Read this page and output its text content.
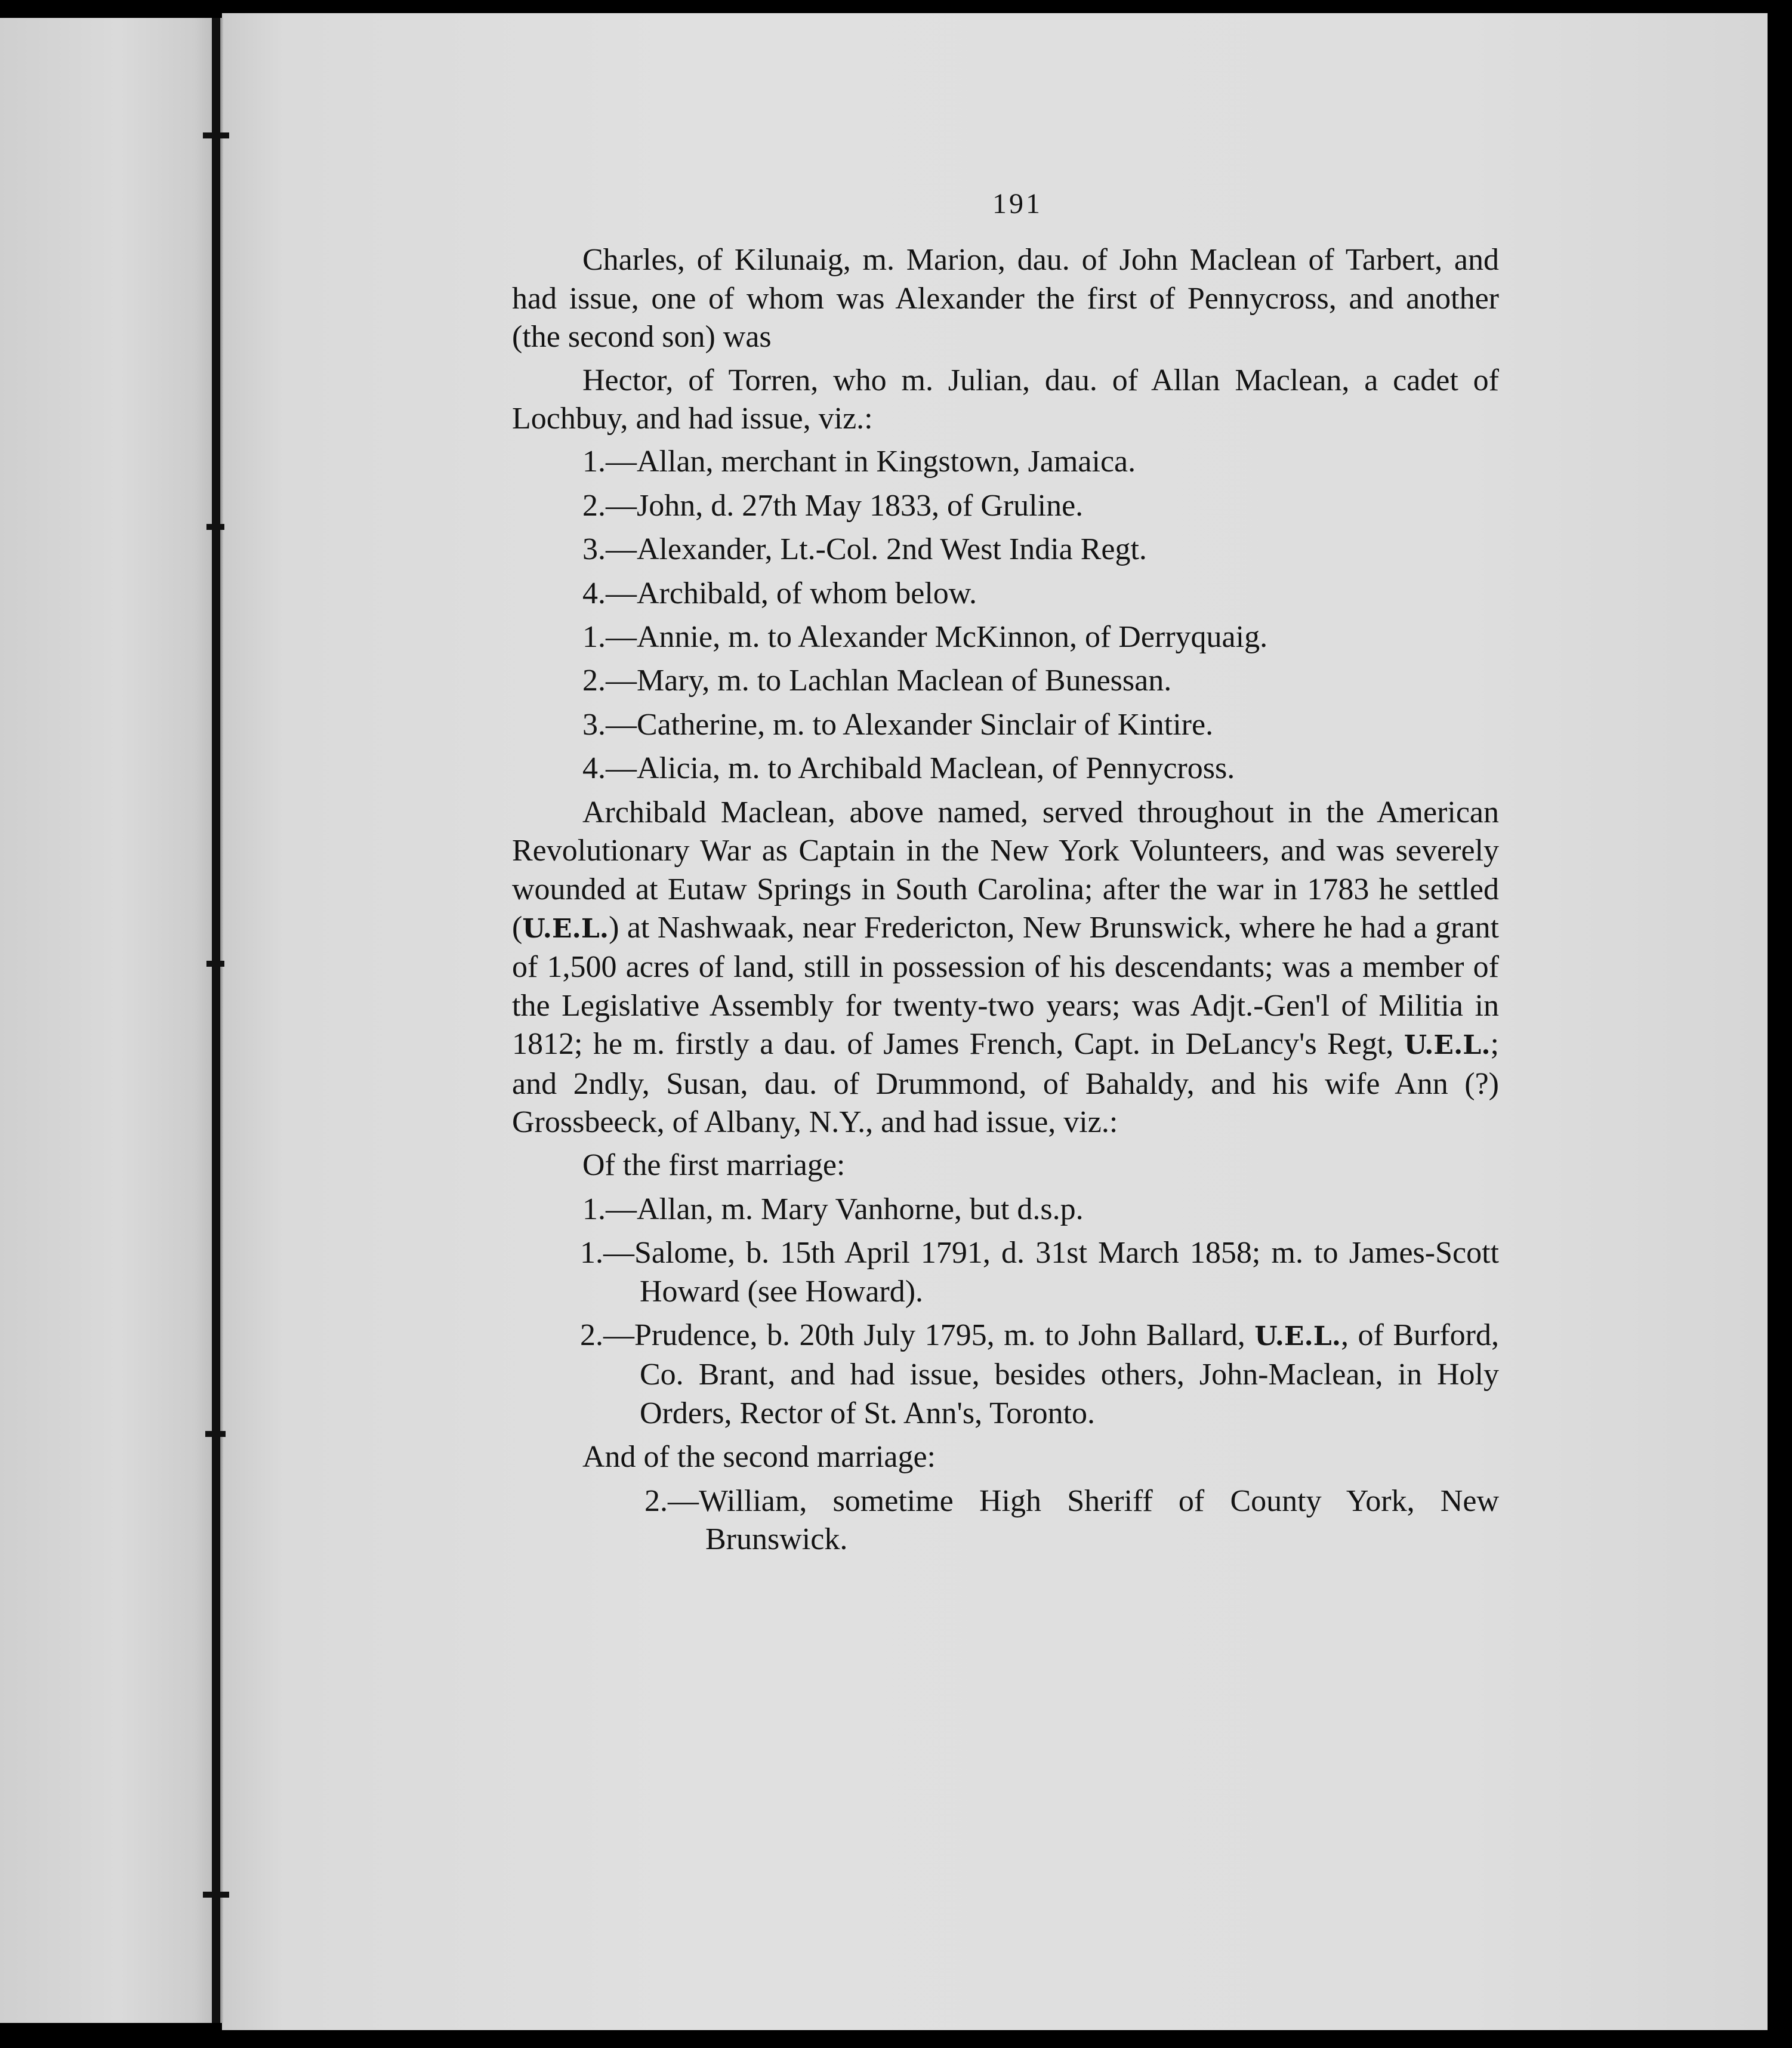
191

Charles, of Kilunaig, m. Marion, dau. of John Maclean of Tarbert, and had issue, one of whom was Alexander the first of Pennycross, and another (the second son) was

Hector, of Torren, who m. Julian, dau. of Allan Maclean, a cadet of Lochbuy, and had issue, viz.:

1.—Allan, merchant in Kingstown, Jamaica.

2.—John, d. 27th May 1833, of Gruline.

3.—Alexander, Lt.-Col. 2nd West India Regt.

4.—Archibald, of whom below.

1.—Annie, m. to Alexander McKinnon, of Derryquaig.

2.—Mary, m. to Lachlan Maclean of Bunessan.

3.—Catherine, m. to Alexander Sinclair of Kintire.

4.—Alicia, m. to Archibald Maclean, of Pennycross.

Archibald Maclean, above named, served throughout in the American Revolutionary War as Captain in the New York Volunteers, and was severely wounded at Eutaw Springs in South Carolina; after the war in 1783 he settled (U.E.L.) at Nashwaak, near Fredericton, New Brunswick, where he had a grant of 1,500 acres of land, still in possession of his descendants; was a member of the Legislative Assembly for twenty-two years; was Adjt.-Gen'l of Militia in 1812; he m. firstly a dau. of James French, Capt. in DeLancy's Regt, U.E.L.; and 2ndly, Susan, dau. of Drummond, of Bahaldy, and his wife Ann (?) Grossbeeck, of Albany, N.Y., and had issue, viz.:

Of the first marriage:

1.—Allan, m. Mary Vanhorne, but d.s.p.

1.—Salome, b. 15th April 1791, d. 31st March 1858; m. to James-Scott Howard (see Howard).

2.—Prudence, b. 20th July 1795, m. to John Ballard, U.E.L., of Burford, Co. Brant, and had issue, besides others, John-Maclean, in Holy Orders, Rector of St. Ann's, Toronto.

And of the second marriage:

2.—William, sometime High Sheriff of County York, New Brunswick.
